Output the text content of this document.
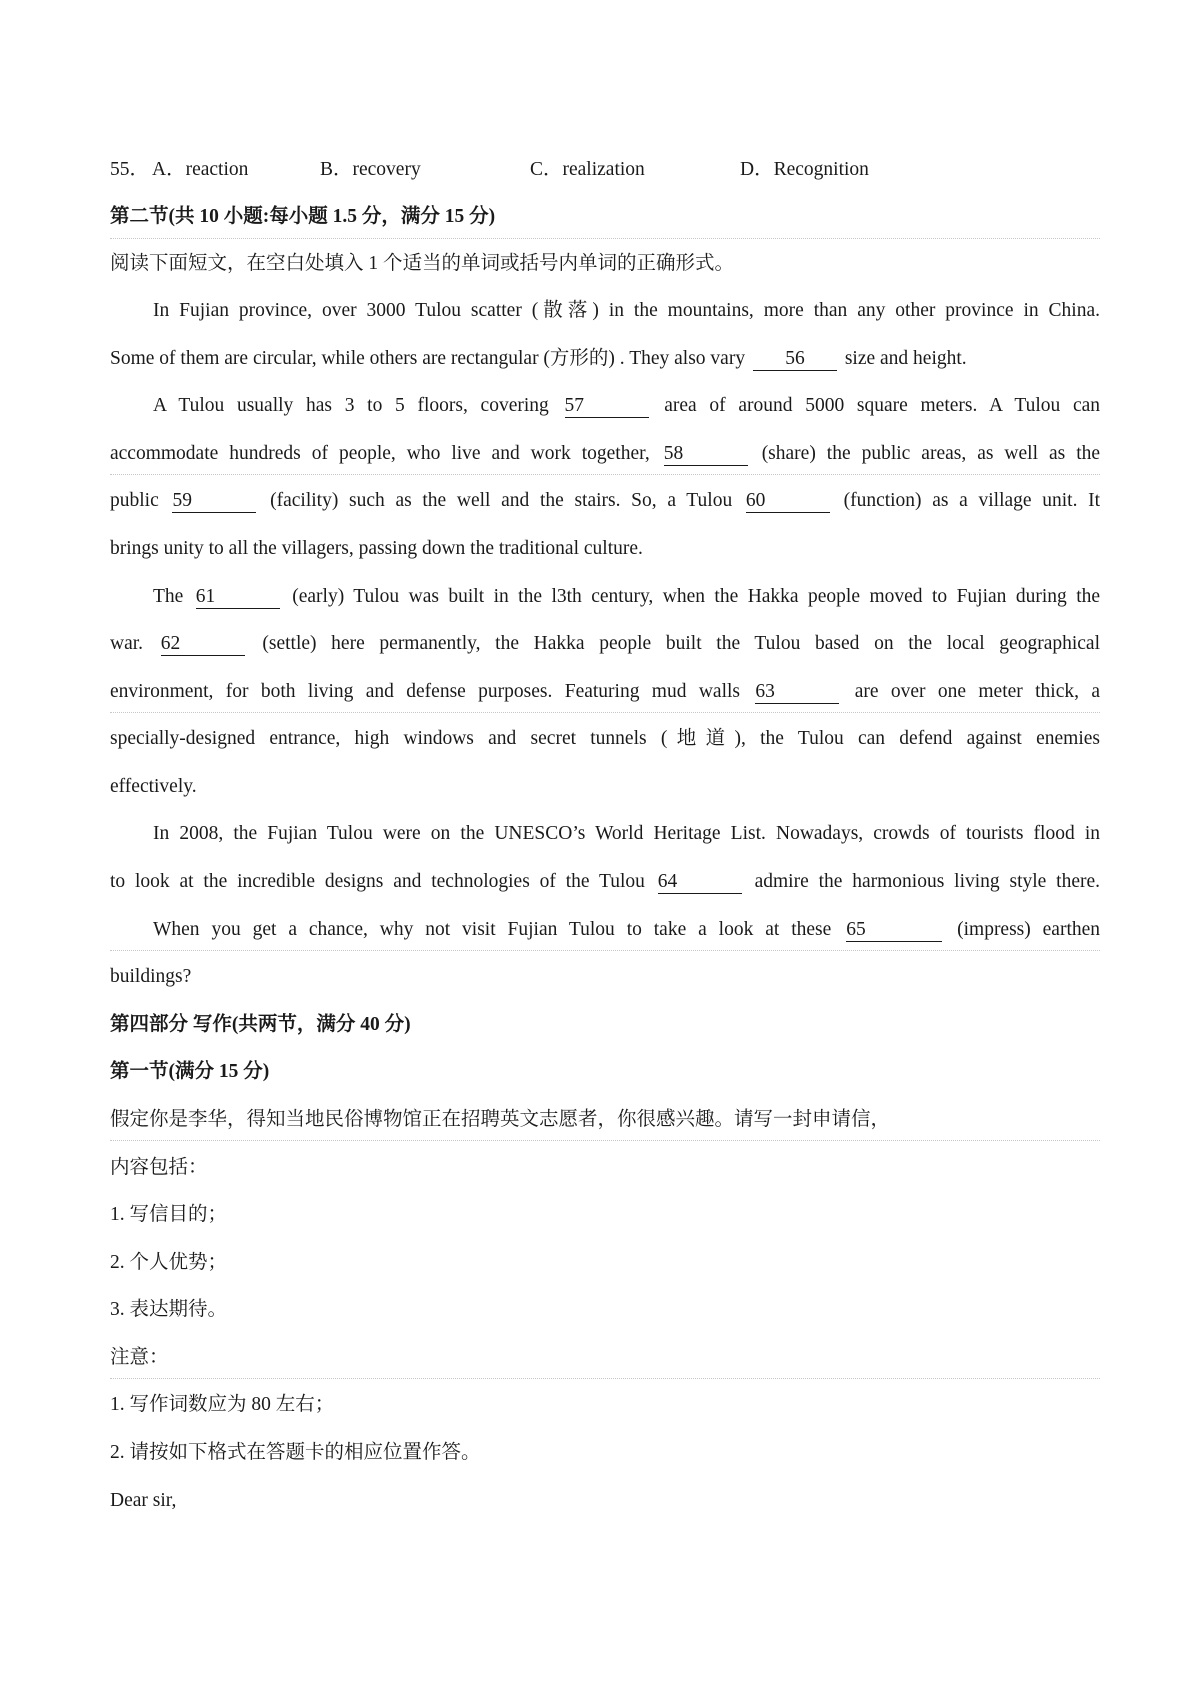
55． A．reaction	B．recovery	C．realization	D．Recognition
第二节(共 10 小题:每小题 1.5 分，满分 15 分)
阅读下面短文，在空白处填入 1 个适当的单词或括号内单词的正确形式。
In Fujian province, over 3000 Tulou scatter (散落) in the mountains, more than any other province in China.
Some of them are circular, while others are rectangular (方形的) . They also vary 56 size and height.
A Tulou usually has 3 to 5 floors, covering 57	area of around 5000 square meters. A Tulou can
accommodate hundreds of people, who live and work together, 58	(share) the public areas, as well as the
public 59	(facility) such as the well and the stairs. So, a Tulou 60	(function) as a village unit. It
brings unity to all the villagers, passing down the traditional culture.
The 61	(early) Tulou was built in the l3th century, when the Hakka people moved to Fujian during the
war. 62	(settle) here permanently, the Hakka people built the Tulou based on the local geographical
environment, for both living and defense purposes. Featuring mud walls 63	are over one meter thick, a
specially-designed entrance, high windows and secret tunnels (地道), the Tulou can defend against enemies
effectively.
In 2008, the Fujian Tulou were on the UNESCO’s World Heritage List. Nowadays, crowds of tourists flood in
to look at the incredible designs and technologies of the Tulou 64	admire the harmonious living style there.
When you get a chance, why not visit Fujian Tulou to take a look at these 65	(impress) earthen
buildings?
第四部分 写作(共两节，满分 40 分)
第一节(满分 15 分)
假定你是李华，得知当地民俗博物馆正在招聘英文志愿者，你很感兴趣。请写一封申请信，
内容包括：
1. 写信目的；
2. 个人优势；
3. 表达期待。
注意：
1. 写作词数应为 80 左右；
2. 请按如下格式在答题卡的相应位置作答。
Dear sir,
